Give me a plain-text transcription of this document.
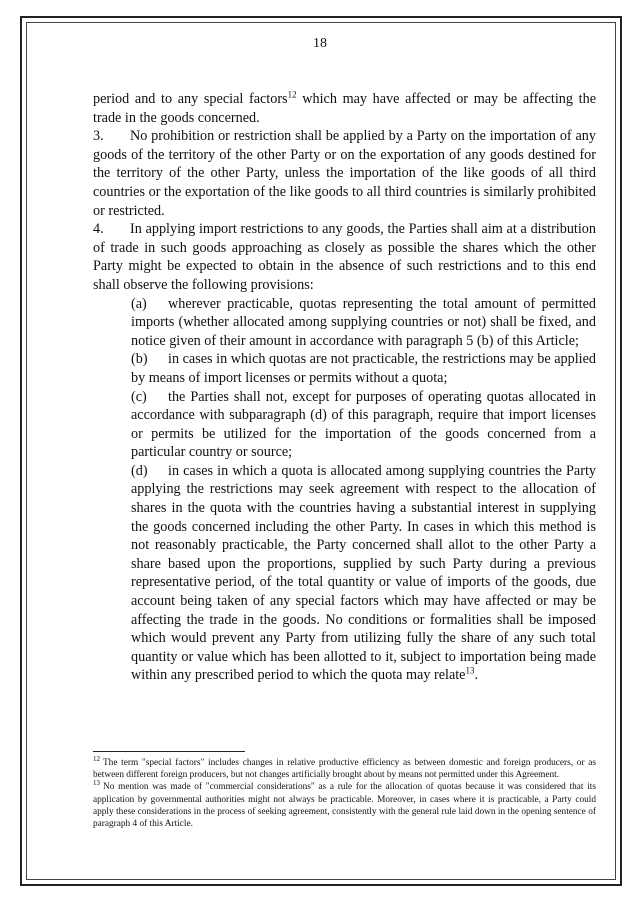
18

period and to any special factors$^{12}$ which may have affected or may be affecting the trade in the goods concerned.

3. No prohibition or restriction shall be applied by a Party on the importation of any goods of the territory of the other Party or on the exportation of any goods destined for the territory of the other Party, unless the importation of the like goods of all third countries or the exportation of the like goods to all third countries is similarly prohibited or restricted.

4. In applying import restrictions to any goods, the Parties shall aim at a distribution of trade in such goods approaching as closely as possible the shares which the other Party might be expected to obtain in the absence of such restrictions and to this end shall observe the following provisions:

(a) wherever practicable, quotas representing the total amount of permitted imports (whether allocated among supplying countries or not) shall be fixed, and notice given of their amount in accordance with paragraph 5 (b) of this Article;

(b) in cases in which quotas are not practicable, the restrictions may be applied by means of import licenses or permits without a quota;

(c) the Parties shall not, except for purposes of operating quotas allocated in accordance with subparagraph (d) of this paragraph, require that import licenses or permits be utilized for the importation of the goods concerned from a particular country or source;

(d) in cases in which a quota is allocated among supplying countries the Party applying the restrictions may seek agreement with respect to the allocation of shares in the quota with the countries having a substantial interest in supplying the goods concerned including the other Party. In cases in which this method is not reasonably practicable, the Party concerned shall allot to the other Party a share based upon the proportions, supplied by such Party during a previous representative period, of the total quantity or value of imports of the goods, due account being taken of any special factors which may have affected or may be affecting the trade in the goods. No conditions or formalities shall be imposed which would prevent any Party from utilizing fully the share of any such total quantity or value which has been allotted to it, subject to importation being made within any prescribed period to which the quota may relate$^{13}$.

$^{12}$ The term "special factors" includes changes in relative productive efficiency as between domestic and foreign producers, or as between different foreign producers, but not changes artificially brought about by means not permitted under this Agreement.

$^{13}$ No mention was made of "commercial considerations" as a rule for the allocation of quotas because it was considered that its application by governmental authorities might not always be practicable. Moreover, in cases where it is practicable, a Party could apply these considerations in the process of seeking agreement, consistently with the general rule laid down in the opening sentence of paragraph 4 of this Article.
